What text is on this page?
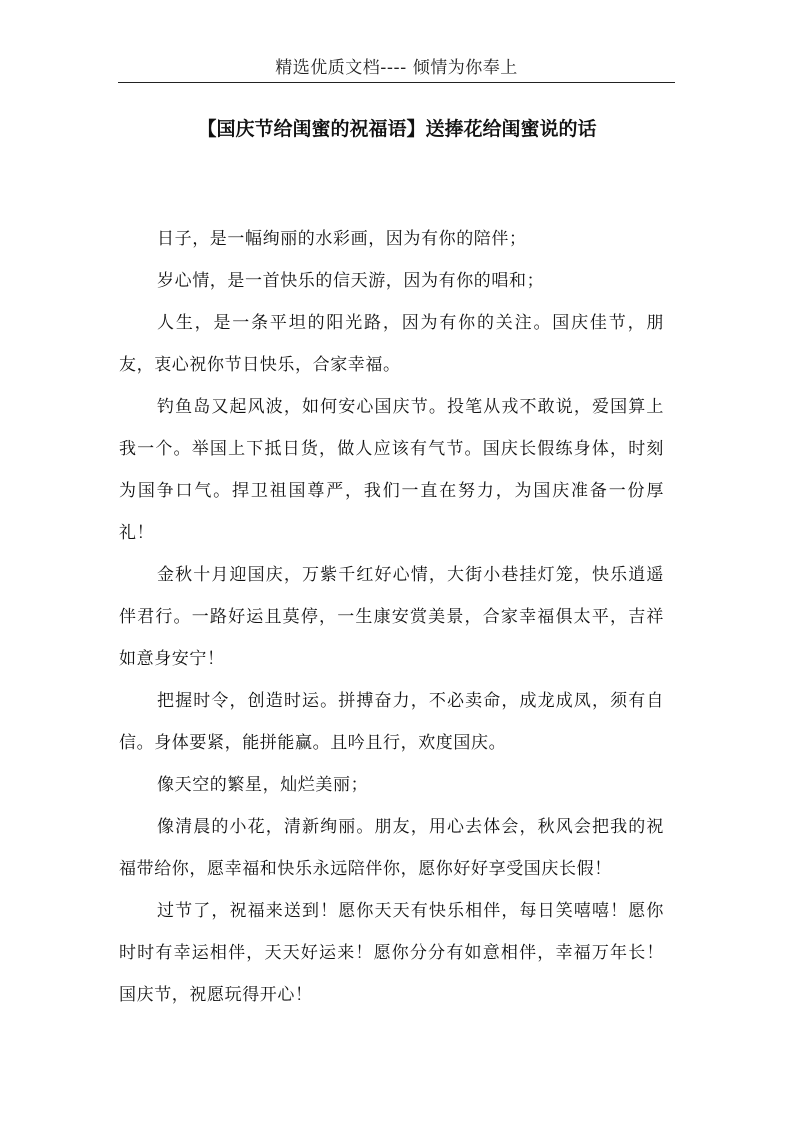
精选优质文档---- 倾情为你奉上
【国庆节给闺蜜的祝福语】送捧花给闺蜜说的话

日子，是一幅绚丽的水彩画，因为有你的陪伴；

岁心情，是一首快乐的信天游，因为有你的唱和；

人生，是一条平坦的阳光路，因为有你的关注。国庆佳节，朋友，衷心祝你节日快乐，合家幸福。

钓鱼岛又起风波，如何安心国庆节。投笔从戎不敢说，爱国算上我一个。举国上下抵日货，做人应该有气节。国庆长假练身体，时刻为国争口气。捍卫祖国尊严，我们一直在努力，为国庆准备一份厚礼！

金秋十月迎国庆，万紫千红好心情，大街小巷挂灯笼，快乐逍遥伴君行。一路好运且莫停，一生康安赏美景，合家幸福俱太平，吉祥如意身安宁！

把握时令，创造时运。拼搏奋力，不必卖命，成龙成凤，须有自信。身体要紧，能拼能赢。且吟且行，欢度国庆。

像天空的繁星，灿烂美丽；

像清晨的小花，清新绚丽。朋友，用心去体会，秋风会把我的祝福带给你，愿幸福和快乐永远陪伴你，愿你好好享受国庆长假！

过节了，祝福来送到！愿你天天有快乐相伴，每日笑嘻嘻！愿你时时有幸运相伴，天天好运来！愿你分分有如意相伴，幸福万年长！国庆节，祝愿玩得开心！
